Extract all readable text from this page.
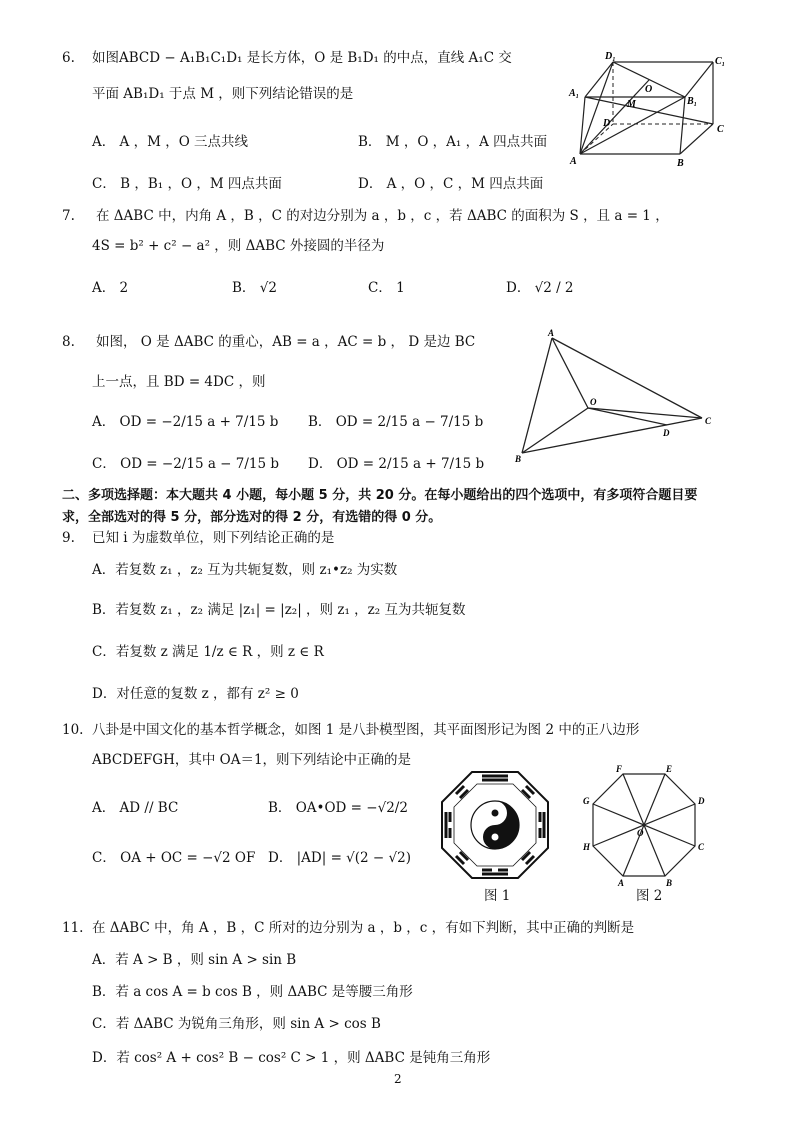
6. 如图ABCD − A₁B₁C₁D₁ 是长方体，O 是 B₁D₁ 的中点，直线 A₁C 交
平面 AB₁D₁ 于点 M ，则下列结论错误的是
A． A ，M ，O 三点共线	B． M ，O ，A₁ ，A 四点共面
C． B ，B₁ ，O ，M 四点共面	D． A ，O ，C ，M 四点共面
D₁	C₁
A₁
B₁
O
M
D
C
A	B
7. 在 ΔABC 中，内角 A ，B ，C 的对边分别为 a ，b ，c ，若 ΔABC 的面积为 S ，且 a = 1 ，
4S = b² + c² − a² ，则 ΔABC 外接圆的半径为
A． 2	B． √2	C． 1	D． √2 / 2
8. 如图， O 是 ΔABC 的重心，AB = a ，AC = b ， D 是边 BC
上一点，且 BD = 4DC ，则
A． OD = −2/15 a + 7/15 b B． OD = 2/15 a − 7/15 b
C． OD = −2/15 a − 7/15 b D． OD = 2/15 a + 7/15 b
A
O
C
D
B
二、多项选择题：本大题共 4 小题，每小题 5 分，共 20 分。在每小题给出的四个选项中，有多项符合题目要
求，全部选对的得 5 分，部分选对的得 2 分，有选错的得 0 分。
9. 已知 i 为虚数单位，则下列结论正确的是
A．若复数 z₁ ，z₂ 互为共轭复数，则 z₁•z₂ 为实数
B．若复数 z₁ ，z₂ 满足 |z₁| = |z₂| ，则 z₁ ，z₂ 互为共轭复数
C．若复数 z 满足 1/z ∈ R ，则 z ∈ R
D．对任意的复数 z ，都有 z² ≥ 0
10. 八卦是中国文化的基本哲学概念，如图 1 是八卦模型图，其平面图形记为图 2 中的正八边形
ABCDEFGH，其中 OA＝1，则下列结论中正确的是
A． AD // BC	B． OA•OD = −√2/2
C． OA + OC = −√2 OF D． |AD| = √(2 − √2)
图 1
F	E
G	D
H	C
A	B
O
图 2
11. 在 ΔABC 中，角 A ，B ，C 所对的边分别为 a ，b ，c ，有如下判断，其中正确的判断是
A．若 A > B ，则 sin A > sin B
B．若 a cos A = b cos B ，则 ΔABC 是等腰三角形
C．若 ΔABC 为锐角三角形，则 sin A > cos B
D．若 cos² A + cos² B − cos² C > 1 ，则 ΔABC 是钝角三角形
2
